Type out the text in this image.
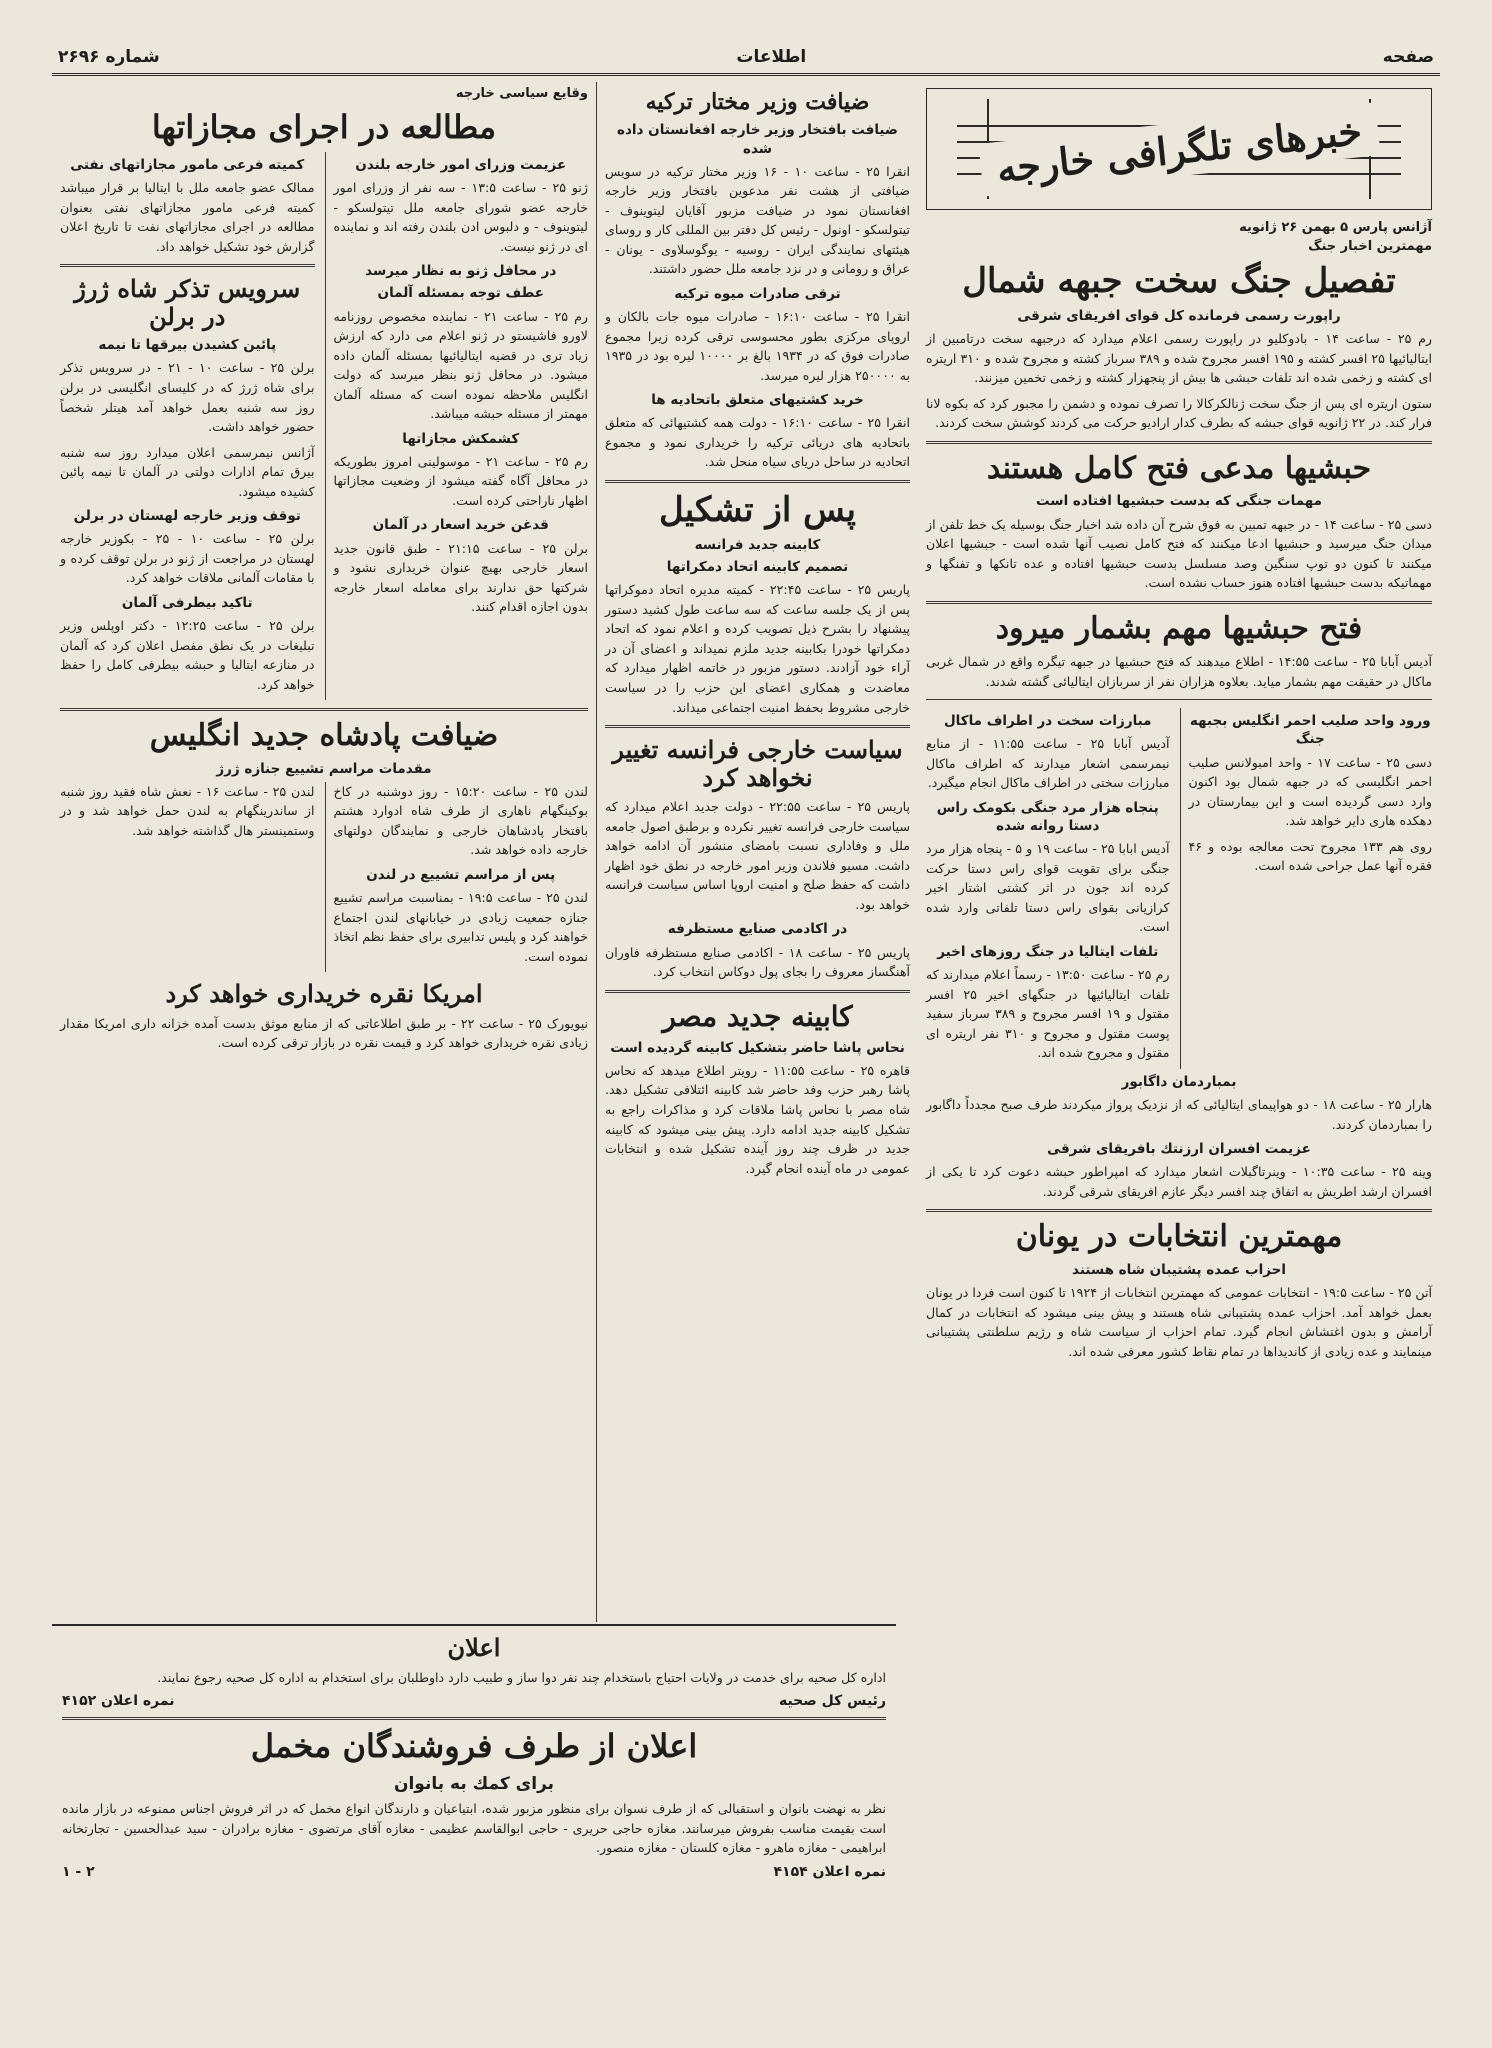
صفحه
اطلاعات
شماره ۲۶۹۶
خبرهای تلگرافی خارجه
آژانس پارس ۵ بهمن ۲۶ ژانویه
مهمترین اخبار جنگ
تفصیل جنگ سخت جبهه شمال
راپورت رسمی فرمانده کل قوای افریقای شرقی

رم ۲۵ - ساعت ۱۴ - بادوکلیو در راپورت رسمی اعلام میدارد که درجبهه سخت درتامبین از ایتالیائیها ۲۵ افسر کشته و ۱۹۵ افسر مجروح شده و ۳۸۹ سرباز کشته و مجروح شده و ۳۱۰ اریتره ای کشته و زخمی شده اند تلفات حبشی ها بیش از پنجهزار کشته و زخمی تخمین میزنند.

ستون اریتره ای پس از جنگ سخت ژنالکرکالا را تصرف نموده و دشمن را مجبور کرد که بکوه لانا فرار کند. در ۲۲ ژانویه قوای جبشه که بطرف کدار ارادیو حرکت می کردند کوشش سخت کردند.

حبشیها مدعی فتح کامل هستند
مهمات جنگی که بدست حبشیها افتاده است

دسی ۲۵ - ساعت ۱۴ - در جبهه تمبین به فوق شرح آن داده شد اخبار جنگ بوسیله یک خط تلفن از میدان جنگ میرسید و حبشیها ادعا میکنند که فتح کامل نصیب آنها شده است - جبشیها اعلان میکنند تا کنون دو توپ سنگین وصد مسلسل بدست حبشیها افتاده و عده تانکها و تفنگها و مهماتیکه بدست حبشیها افتاده هنوز حساب نشده است.

فتح حبشیها مهم بشمار میرود

آدیس آبابا ۲۵ - ساعت ۱۴:۵۵ - اطلاع میدهند که فتح حبشیها در جبهه تیگره واقع در شمال غربی ماکال در حقیقت مهم بشمار میاید. بعلاوه هزاران نفر از سربازان ایتالیائی گشته شدند.

ورود واحد صلیب احمر انگلیس بجبهه جنگ

دسی ۲۵ - ساعت ۱۷ - واحد امبولانس صلیب احمر انگلیسی که در جبهه شمال بود اکنون وارد دسی گردیده است و این بیمارستان در دهکده هاری دایر خواهد شد.

روی هم ۱۳۳ مجروح تحت معالجه بوده و ۴۶ فقره آنها عمل جراحی شده است.

مبارزات سخت در اطراف ماکال

آدیس آبابا ۲۵ - ساعت ۱۱:۵۵ - از منابع نیمرسمی اشعار میدارند که اطراف ماکال مبارزات سختی در اطراف ماکال انجام میگیرد.

پنجاه هزار مرد جنگی بکومک راس دستا روانه شده

آدیس ابابا ۲۵ - ساعت ۱۹ و ۵ - پنجاه هزار مرد جنگی برای تقویت قوای راس دستا حرکت کرده اند جون در اثر کشتی اشتار اخیر کرازیانی بقوای راس دستا تلفاتی وارد شده است.

تلفات ایتالیا در جنگ روزهای اخیر

رم ۲۵ - ساعت ۱۳:۵۰ - رسماً اعلام میدارند که تلفات ایتالیائیها در جنگهای اخیر ۲۵ افسر مقتول و ۱۹ افسر مجروح و ۳۸۹ سرباز سفید پوست مقتول و مجروح و ۳۱۰ نفر اریتره ای مقتول و مجروح شده اند.

بمباردمان داگابور

هارار ۲۵ - ساعت ۱۸ - دو هواپیمای ایتالیائی که از نزدیک پرواز میکردند طرف صبح مجدداً داگابور را بمباردمان کردند.

عزیمت افسران ارزنتك بافریقای شرقی

وینه ۲۵ - ساعت ۱۰:۳۵ - وینرتاگبلات اشعار میدارد که امپراطور حبشه دعوت کرد تا یکی از افسران ارشد اطریش به اتفاق چند افسر دیگر عازم افریقای شرقی گردند.

مهمترین انتخابات در یونان
احزاب عمده پشتیبان شاه هستند

آتن ۲۵ - ساعت ۱۹:۵ - انتخابات عمومی که مهمترین انتخابات از ۱۹۲۴ تا کنون است فردا در یونان بعمل خواهد آمد. احزاب عمده پشتیبانی شاه هستند و پیش بینی میشود که انتخابات در کمال آرامش و بدون اغتشاش انجام گیرد. تمام احزاب از سیاست شاه و رژیم سلطنتی پشتیبانی مینمایند و عده زیادی از کاندیداها در تمام نقاط کشور معرفی شده اند.

ضیافت وزیر مختار ترکیه
ضیافت بافتخار وزیر خارجه افغانستان داده شده

انقرا ۲۵ - ساعت ۱۰ - ۱۶ وزیر مختار ترکیه در سویس ضیافتی از هشت نفر مدعوین بافتخار وزیر خارجه افغانستان نمود در ضیافت مزبور آقایان لیتوینوف - تیتولسکو - اونول - رئیس کل دفتر بین المللی کار و روسای هیئتهای نمایندگی ایران - روسیه - یوگوسلاوی - یونان - عراق و رومانی و در نزد جامعه ملل حضور داشتند.

ترقی صادرات میوه ترکیه

انقرا ۲۵ - ساعت ۱۶:۱۰ - صادرات میوه جات بالکان و اروپای مرکزی بطور محسوسی ترقی کرده زیرا مجموع صادرات فوق که در ۱۹۳۴ بالغ بر ۱۰۰۰۰ لیره بود در ۱۹۳۵ به ۲۵۰۰۰۰ هزار لیره میرسد.

خرید کشتیهای متعلق باتحادیه ها

انقرا ۲۵ - ساعت ۱۶:۱۰ - دولت همه کشتیهائی که متعلق باتحادیه های دریائی ترکیه را خریداری نمود و مجموع اتحادیه در ساحل دریای سیاه منحل شد.

پس از تشکیل
کابینه جدید فرانسه
تصمیم کابینه اتحاد دمکراتها

پاریس ۲۵ - ساعت ۲۲:۴۵ - کمیته مدیره اتحاد دموکراتها پس از یک جلسه ساعت که سه ساعت طول کشید دستور پیشنهاد را بشرح ذیل تصویب کرده و اعلام نمود که اتحاد دمکراتها خودرا بکابینه جدید ملزم نمیداند و اعضای آن در آراء خود آزادند. دستور مزبور در خاتمه اظهار میدارد که معاضدت و همکاری اعضای این حزب را در سیاست خارجی مشروط بحفظ امنیت اجتماعی میداند.

سیاست خارجی فرانسه تغییر نخواهد کرد

پاریس ۲۵ - ساعت ۲۲:۵۵ - دولت جدید اعلام میدارد که سیاست خارجی فرانسه تغییر نکرده و برطبق اصول جامعه ملل و وفاداری نسبت بامضای منشور آن ادامه خواهد داشت. مسیو فلاندن وزیر امور خارجه در نطق خود اظهار داشت که حفظ صلح و امنیت اروپا اساس سیاست فرانسه خواهد بود.

در اکادمی صنایع مستظرفه

پاریس ۲۵ - ساعت ۱۸ - اکادمی صنایع مستظرفه فاوران آهنگساز معروف را بجای پول دوکاس انتخاب کرد.

کابینه جدید مصر
نحاس پاشا حاضر بتشکیل کابینه گردیده است

قاهره ۲۵ - ساعت ۱۱:۵۵ - رویتر اطلاع میدهد که نحاس پاشا رهبر حزب وفد حاضر شد کابینه ائتلافی تشکیل دهد. شاه مصر با نحاس پاشا ملاقات کرد و مذاکرات راجع به تشکیل کابینه جدید ادامه دارد. پیش بینی میشود که کابینه جدید در ظرف چند روز آینده تشکیل شده و انتخابات عمومی در ماه آینده انجام گیرد.

وقایع سیاسی خارجه
مطالعه در اجرای مجازاتها
عزیمت وزرای امور خارجه بلندن

ژنو ۲۵ - ساعت ۱۳:۵ - سه نفر از وزرای امور خارجه عضو شورای جامعه ملل تیتولسکو - لیتوینوف - و دلبوس ادن بلندن رفته اند و نماینده ای در ژنو نیست.

در محافل ژنو به نظار میرسد
عطف توجه بمسئله آلمان

رم ۲۵ - ساعت ۲۱ - نماینده مخصوص روزنامه لاورو فاشیستو در ژنو اعلام می دارد که ارزش زیاد تری در قضیه ایتالیائیها بمسئله آلمان داده میشود. در محافل ژنو بنظر میرسد که دولت انگلیس ملاحظه نموده است که مسئله آلمان مهمتر از مسئله حبشه میباشد.

کشمکش مجازاتها

رم ۲۵ - ساعت ۲۱ - موسولینی امروز بطوریکه در محافل آگاه گفته میشود از وضعیت مجازاتها اظهار ناراحتی کرده است.

قدغن خرید اسعار در آلمان

برلن ۲۵ - ساعت ۲۱:۱۵ - طبق قانون جدید اسعار خارجی بهیچ عنوان خریداری نشود و شرکتها حق ندارند برای معامله اسعار خارجه بدون اجازه اقدام کنند.

کمیته فرعی مامور مجازاتهای نفتی

ممالک عضو جامعه ملل با ایتالیا بر قرار میباشد کمیته فرعی مامور مجازاتهای نفتی بعنوان مطالعه در اجرای مجازاتهای نفت تا تاریخ اعلان گزارش خود تشکیل خواهد داد.

سرویس تذکر شاه ژرژ در برلن
پائین کشیدن بیرقها تا نیمه

برلن ۲۵ - ساعت ۱۰ - ۲۱ - در سرویس تذکر برای شاه ژرژ که در کلیسای انگلیسی در برلن روز سه شنبه بعمل خواهد آمد هیتلر شخصاً حضور خواهد داشت.

آژانس نیمرسمی اعلان میدارد روز سه شنبه بیرق تمام ادارات دولتی در آلمان تا نیمه پائین کشیده میشود.

توقف وزیر خارجه لهستان در برلن

برلن ۲۵ - ساعت ۱۰ - ۲۵ - بکوزیر خارجه لهستان در مراجعت از ژنو در برلن توقف کرده و با مقامات آلمانی ملاقات خواهد کرد.

تاکید بیطرفی آلمان

برلن ۲۵ - ساعت ۱۲:۲۵ - دکتر اوپلس وزیر تبلیغات در یک نطق مفصل اعلان کرد که آلمان در منازعه ایتالیا و حبشه بیطرفی کامل را حفظ خواهد کرد.

ضیافت پادشاه جدید انگلیس
مقدمات مراسم تشییع جنازه ژرژ

لندن ۲۵ - ساعت ۱۵:۲۰ - روز دوشنبه در کاخ بوکینگهام ناهاری از طرف شاه ادوارد هشتم بافتخار پادشاهان خارجی و نمایندگان دولتهای خارجه داده خواهد شد.

پس از مراسم تشییع در لندن

لندن ۲۵ - ساعت ۱۹:۵ - بمناسبت مراسم تشییع جنازه جمعیت زیادی در خیابانهای لندن اجتماع خواهند کرد و پلیس تدابیری برای حفظ نظم اتخاذ نموده است.

لندن ۲۵ - ساعت ۱۶ - نعش شاه فقید روز شنبه از ساندرینگهام به لندن حمل خواهد شد و در وستمینستر هال گذاشته خواهد شد.

امریکا نقره خریداری خواهد کرد

نیویورک ۲۵ - ساعت ۲۲ - بر طبق اطلاعاتی که از منابع موثق بدست آمده خزانه داری امریکا مقدار زیادی نقره خریداری خواهد کرد و قیمت نقره در بازار ترقی کرده است.

اعلان

اداره کل صحیه برای خدمت در ولایات احتیاج باستخدام چند نفر دوا ساز و طبیب دارد داوطلبان برای استخدام به اداره کل صحیه رجوع نمایند.

رئیس کل صحیه
نمره اعلان ۴۱۵۲
اعلان از طرف فروشندگان مخمل
برای کمك به بانوان

نظر به نهضت بانوان و استقبالی که از طرف نسوان برای منظور مزبور شده، ابتیاعیان و دارندگان انواع مخمل که در اثر فروش اجناس ممنوعه در بازار مانده است بقیمت مناسب بفروش میرسانند. مغازه حاجی حریری - حاجی ابوالقاسم عظیمی - مغازه آقای مرتضوی - مغازه برادران - سید عبدالحسین - تجارتخانه ابراهیمی - مغازه ماهرو - مغازه کلستان - مغازه منصور.

نمره اعلان ۴۱۵۴
۲ - ۱
